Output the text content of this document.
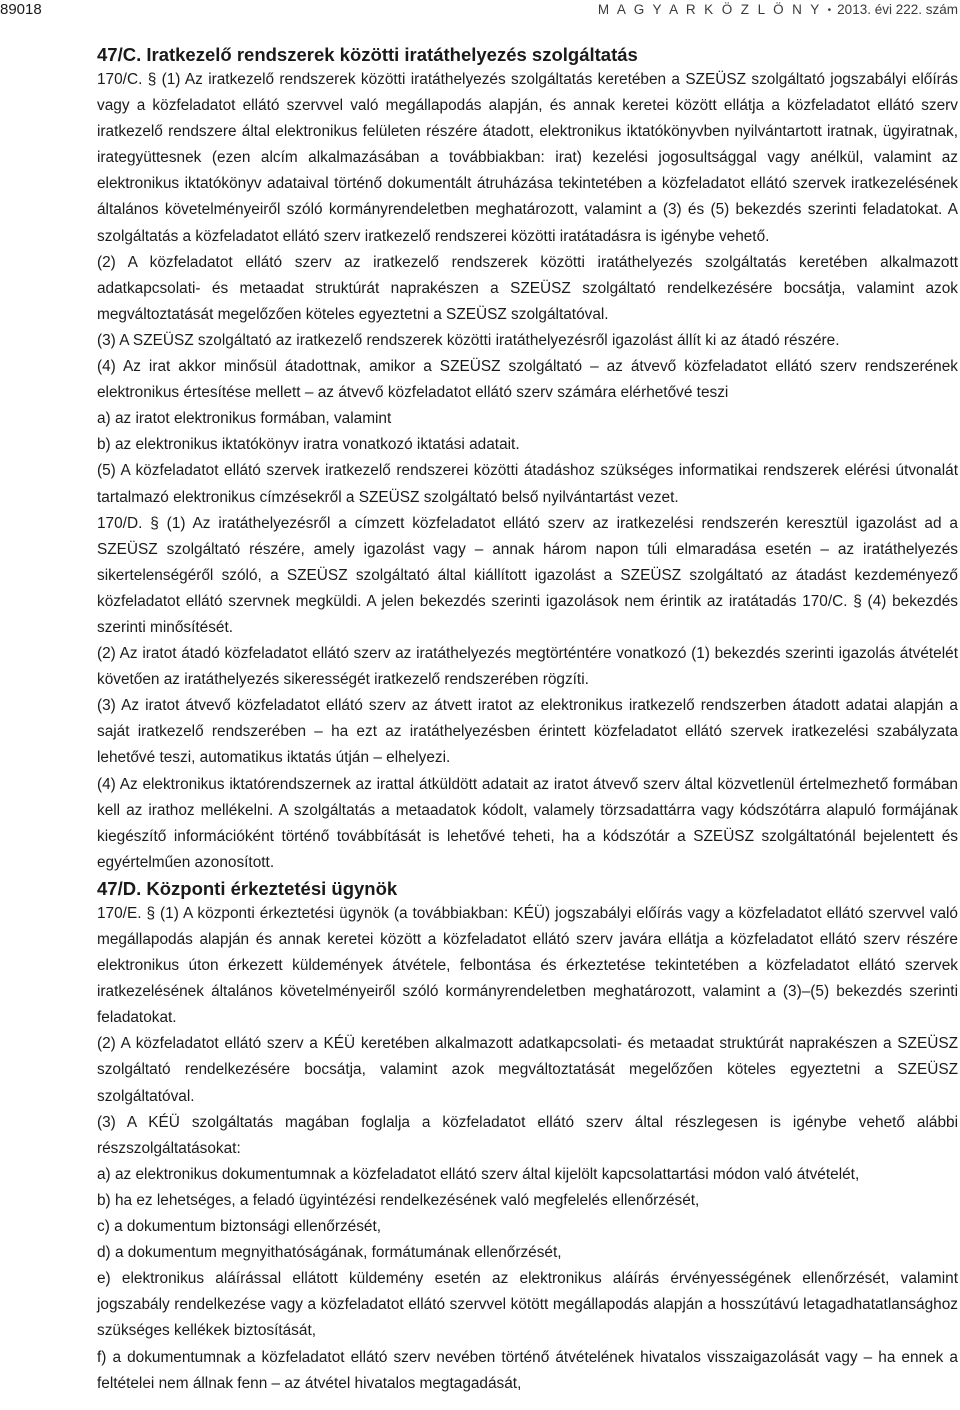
89018	M A G Y A R K Ö Z L Ö N Y • 2013. évi 222. szám
47/C. Iratkezelő rendszerek közötti iratáthelyezés szolgáltatás

170/C. § (1) Az iratkezelő rendszerek közötti iratáthelyezés szolgáltatás keretében a SZEÜSZ szolgáltató jogszabályi előírás vagy a közfeladatot ellátó szervvel való megállapodás alapján, és annak keretei között ellátja a közfeladatot ellátó szerv iratkezelő rendszere által elektronikus felületen részére átadott, elektronikus iktatókönyvben nyilvántartott iratnak, ügyiratnak, irategyüttesnek (ezen alcím alkalmazásában a továbbiakban: irat) kezelési jogosultsággal vagy anélkül, valamint az elektronikus iktatókönyv adataival történő dokumentált átruházása tekintetében a közfeladatot ellátó szervek iratkezelésének általános követelményeiről szóló kormányrendeletben meghatározott, valamint a (3) és (5) bekezdés szerinti feladatokat. A szolgáltatás a közfeladatot ellátó szerv iratkezelő rendszerei közötti iratátadásra is igénybe vehető.

(2) A közfeladatot ellátó szerv az iratkezelő rendszerek közötti iratáthelyezés szolgáltatás keretében alkalmazott adatkapcsolati- és metaadat struktúrát naprakészen a SZEÜSZ szolgáltató rendelkezésére bocsátja, valamint azok megváltoztatását megelőzően köteles egyeztetni a SZEÜSZ szolgáltatóval.

(3) A SZEÜSZ szolgáltató az iratkezelő rendszerek közötti iratáthelyezésről igazolást állít ki az átadó részére.

(4) Az irat akkor minősül átadottnak, amikor a SZEÜSZ szolgáltató – az átvevő közfeladatot ellátó szerv rendszerének elektronikus értesítése mellett – az átvevő közfeladatot ellátó szerv számára elérhetővé teszi

a) az iratot elektronikus formában, valamint

b) az elektronikus iktatókönyv iratra vonatkozó iktatási adatait.

(5) A közfeladatot ellátó szervek iratkezelő rendszerei közötti átadáshoz szükséges informatikai rendszerek elérési útvonalát tartalmazó elektronikus címzésekről a SZEÜSZ szolgáltató belső nyilvántartást vezet.

170/D. § (1) Az iratáthelyezésről a címzett közfeladatot ellátó szerv az iratkezelési rendszerén keresztül igazolást ad a SZEÜSZ szolgáltató részére, amely igazolást vagy – annak három napon túli elmaradása esetén – az iratáthelyezés sikertelenségéről szóló, a SZEÜSZ szolgáltató által kiállított igazolást a SZEÜSZ szolgáltató az átadást kezdeményező közfeladatot ellátó szervnek megküldi. A jelen bekezdés szerinti igazolások nem érintik az iratátadás 170/C. § (4) bekezdés szerinti minősítését.

(2) Az iratot átadó közfeladatot ellátó szerv az iratáthelyezés megtörténtére vonatkozó (1) bekezdés szerinti igazolás átvételét követően az iratáthelyezés sikerességét iratkezelő rendszerében rögzíti.

(3) Az iratot átvevő közfeladatot ellátó szerv az átvett iratot az elektronikus iratkezelő rendszerben átadott adatai alapján a saját iratkezelő rendszerében – ha ezt az iratáthelyezésben érintett közfeladatot ellátó szervek iratkezelési szabályzata lehetővé teszi, automatikus iktatás útján – elhelyezi.

(4) Az elektronikus iktatórendszernek az irattal átküldött adatait az iratot átvevő szerv által közvetlenül értelmezhető formában kell az irathoz mellékelni. A szolgáltatás a metaadatok kódolt, valamely törzsadattárra vagy kódszótárra alapuló formájának kiegészítő információként történő továbbítását is lehetővé teheti, ha a kódszótár a SZEÜSZ szolgáltatónál bejelentett és egyértelműen azonosított.

47/D. Központi érkeztetési ügynök

170/E. § (1) A központi érkeztetési ügynök (a továbbiakban: KÉÜ) jogszabályi előírás vagy a közfeladatot ellátó szervvel való megállapodás alapján és annak keretei között a közfeladatot ellátó szerv javára ellátja a közfeladatot ellátó szerv részére elektronikus úton érkezett küldemények átvétele, felbontása és érkeztetése tekintetében a közfeladatot ellátó szervek iratkezelésének általános követelményeiről szóló kormányrendeletben meghatározott, valamint a (3)–(5) bekezdés szerinti feladatokat.

(2) A közfeladatot ellátó szerv a KÉÜ keretében alkalmazott adatkapcsolati- és metaadat struktúrát naprakészen a SZEÜSZ szolgáltató rendelkezésére bocsátja, valamint azok megváltoztatását megelőzően köteles egyeztetni a SZEÜSZ szolgáltatóval.

(3) A KÉÜ szolgáltatás magában foglalja a közfeladatot ellátó szerv által részlegesen is igénybe vehető alábbi részszolgáltatásokat:

a) az elektronikus dokumentumnak a közfeladatot ellátó szerv által kijelölt kapcsolattartási módon való átvételét,

b) ha ez lehetséges, a feladó ügyintézési rendelkezésének való megfelelés ellenőrzését,

c) a dokumentum biztonsági ellenőrzését,

d) a dokumentum megnyithatóságának, formátumának ellenőrzését,

e) elektronikus aláírással ellátott küldemény esetén az elektronikus aláírás érvényességének ellenőrzését, valamint jogszabály rendelkezése vagy a közfeladatot ellátó szervvel kötött megállapodás alapján a hosszútávú letagadhatatlansághoz szükséges kellékek biztosítását,

f) a dokumentumnak a közfeladatot ellátó szerv nevében történő átvételének hivatalos visszaigazolását vagy – ha ennek a feltételei nem állnak fenn – az átvétel hivatalos megtagadását,
